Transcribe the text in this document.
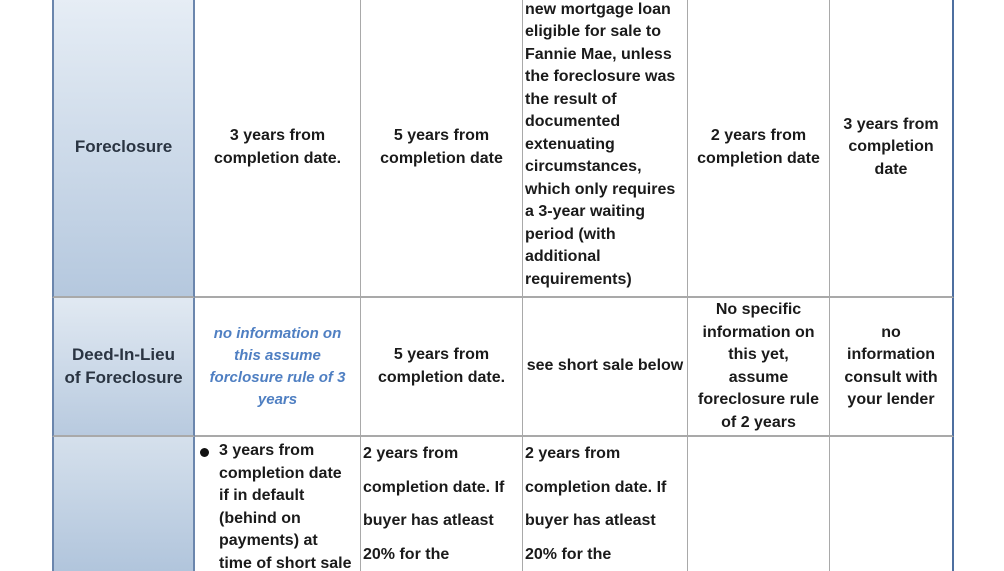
Foreclosure
3 years from
completion date.
5 years from
completion date
new mortgage loan
eligible for sale to
Fannie Mae, unless
the foreclosure was
the result of
documented
extenuating
circumstances,
which only requires
a 3-year waiting
period (with
additional
requirements)
2 years from
completion date
3 years from
completion
date
Deed-In-Lieu
of Foreclosure
no information on
this assume
forclosure rule of 3
years
5 years from
completion date.
see short sale below
No specific
information on
this yet,
assume
foreclosure rule
of 2 years
no
information
consult with
your lender
3 years from
completion date
if in default
(behind on
payments) at
time of short sale
2 years from
completion date. If
buyer has atleast
20% for the
2 years from
completion date. If
buyer has atleast
20% for the
